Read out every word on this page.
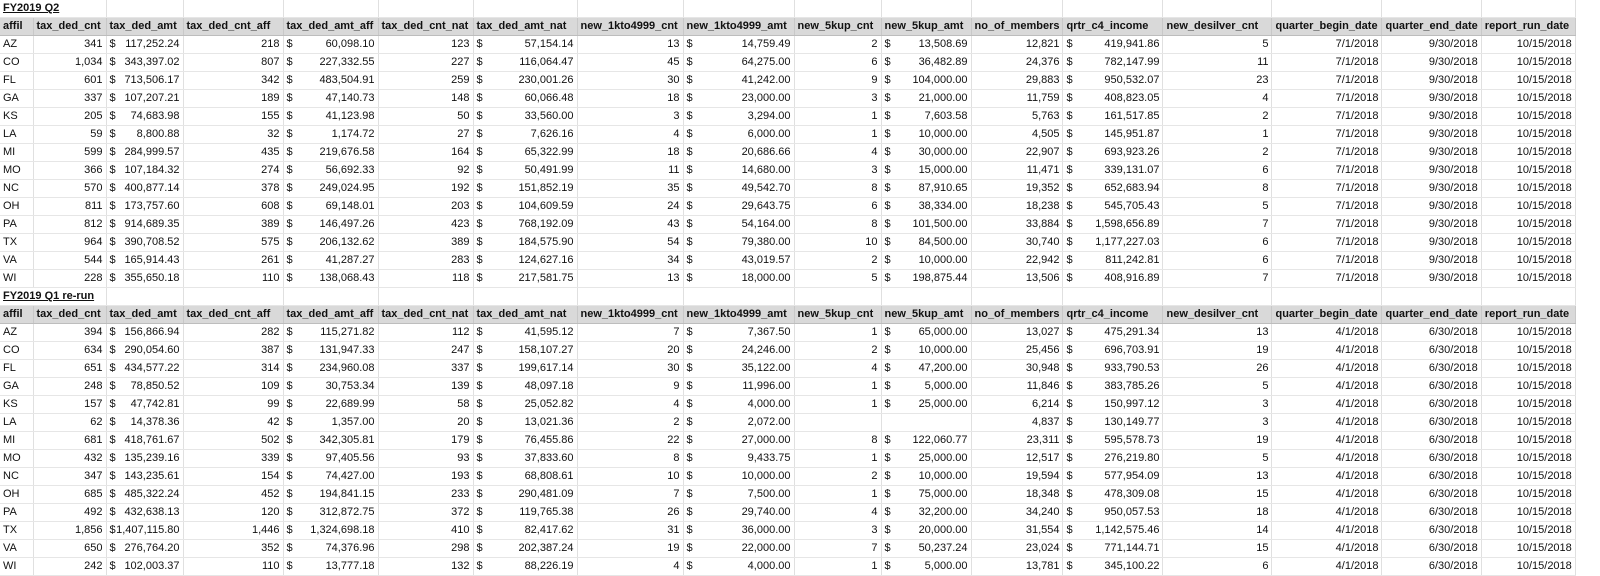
FY2019 Q2																
affil	tax_ded_cnt	tax_ded_amt	tax_ded_cnt_aff	tax_ded_amt_aff	tax_ded_cnt_nat	tax_ded_amt_nat	new_1kto4999_cnt	new_1kto4999_amt	new_5kup_cnt	new_5kup_amt	no_of_members	qrtr_c4_income	new_desilver_cnt	quarter_begin_date	quarter_end_date	report_run_date
AZ	341	$ 117,252.24	218	$ 60,098.10	123	$ 57,154.14	13	$ 14,759.49	2	$ 13,508.69	12,821	$ 419,941.86	5	7/1/2018	9/30/2018	10/15/2018
CO	1,034	$ 343,397.02	807	$ 227,332.55	227	$ 116,064.47	45	$ 64,275.00	6	$ 36,482.89	24,376	$ 782,147.99	11	7/1/2018	9/30/2018	10/15/2018
FL	601	$ 713,506.17	342	$ 483,504.91	259	$ 230,001.26	30	$ 41,242.00	9	$ 104,000.00	29,883	$ 950,532.07	23	7/1/2018	9/30/2018	10/15/2018
GA	337	$ 107,207.21	189	$ 47,140.73	148	$ 60,066.48	18	$ 23,000.00	3	$ 21,000.00	11,759	$ 408,823.05	4	7/1/2018	9/30/2018	10/15/2018
KS	205	$ 74,683.98	155	$ 41,123.98	50	$ 33,560.00	3	$ 3,294.00	1	$ 7,603.58	5,763	$ 161,517.85	2	7/1/2018	9/30/2018	10/15/2018
LA	59	$ 8,800.88	32	$ 1,174.72	27	$ 7,626.16	4	$ 6,000.00	1	$ 10,000.00	4,505	$ 145,951.87	1	7/1/2018	9/30/2018	10/15/2018
MI	599	$ 284,999.57	435	$ 219,676.58	164	$ 65,322.99	18	$ 20,686.66	4	$ 30,000.00	22,907	$ 693,923.26	2	7/1/2018	9/30/2018	10/15/2018
MO	366	$ 107,184.32	274	$ 56,692.33	92	$ 50,491.99	11	$ 14,680.00	3	$ 15,000.00	11,471	$ 339,131.07	6	7/1/2018	9/30/2018	10/15/2018
NC	570	$ 400,877.14	378	$ 249,024.95	192	$ 151,852.19	35	$ 49,542.70	8	$ 87,910.65	19,352	$ 652,683.94	8	7/1/2018	9/30/2018	10/15/2018
OH	811	$ 173,757.60	608	$ 69,148.01	203	$ 104,609.59	24	$ 29,643.75	6	$ 38,334.00	18,238	$ 545,705.43	5	7/1/2018	9/30/2018	10/15/2018
PA	812	$ 914,689.35	389	$ 146,497.26	423	$ 768,192.09	43	$ 54,164.00	8	$ 101,500.00	33,884	$ 1,598,656.89	7	7/1/2018	9/30/2018	10/15/2018
TX	964	$ 390,708.52	575	$ 206,132.62	389	$ 184,575.90	54	$ 79,380.00	10	$ 84,500.00	30,740	$ 1,177,227.03	6	7/1/2018	9/30/2018	10/15/2018
VA	544	$ 165,914.43	261	$ 41,287.27	283	$ 124,627.16	34	$ 43,019.57	2	$ 10,000.00	22,942	$ 811,242.81	6	7/1/2018	9/30/2018	10/15/2018
WI	228	$ 355,650.18	110	$ 138,068.43	118	$ 217,581.75	13	$ 18,000.00	5	$ 198,875.44	13,506	$ 408,916.89	7	7/1/2018	9/30/2018	10/15/2018
FY2019 Q1 re-run																
affil	tax_ded_cnt	tax_ded_amt	tax_ded_cnt_aff	tax_ded_amt_aff	tax_ded_cnt_nat	tax_ded_amt_nat	new_1kto4999_cnt	new_1kto4999_amt	new_5kup_cnt	new_5kup_amt	no_of_members	qrtr_c4_income	new_desilver_cnt	quarter_begin_date	quarter_end_date	report_run_date
AZ	394	$ 156,866.94	282	$ 115,271.82	112	$ 41,595.12	7	$ 7,367.50	1	$ 65,000.00	13,027	$ 475,291.34	13	4/1/2018	6/30/2018	10/15/2018
CO	634	$ 290,054.60	387	$ 131,947.33	247	$ 158,107.27	20	$ 24,246.00	2	$ 10,000.00	25,456	$ 696,703.91	19	4/1/2018	6/30/2018	10/15/2018
FL	651	$ 434,577.22	314	$ 234,960.08	337	$ 199,617.14	30	$ 35,122.00	4	$ 47,200.00	30,948	$ 933,790.53	26	4/1/2018	6/30/2018	10/15/2018
GA	248	$ 78,850.52	109	$ 30,753.34	139	$ 48,097.18	9	$ 11,996.00	1	$ 5,000.00	11,846	$ 383,785.26	5	4/1/2018	6/30/2018	10/15/2018
KS	157	$ 47,742.81	99	$ 22,689.99	58	$ 25,052.82	4	$ 4,000.00	1	$ 25,000.00	6,214	$ 150,997.12	3	4/1/2018	6/30/2018	10/15/2018
LA	62	$ 14,378.36	42	$ 1,357.00	20	$ 13,021.36	2	$ 2,072.00			4,837	$ 130,149.77	3	4/1/2018	6/30/2018	10/15/2018
MI	681	$ 418,761.67	502	$ 342,305.81	179	$ 76,455.86	22	$ 27,000.00	8	$ 122,060.77	23,311	$ 595,578.73	19	4/1/2018	6/30/2018	10/15/2018
MO	432	$ 135,239.16	339	$ 97,405.56	93	$ 37,833.60	8	$ 9,433.75	1	$ 25,000.00	12,517	$ 276,219.80	5	4/1/2018	6/30/2018	10/15/2018
NC	347	$ 143,235.61	154	$ 74,427.00	193	$ 68,808.61	10	$ 10,000.00	2	$ 10,000.00	19,594	$ 577,954.09	13	4/1/2018	6/30/2018	10/15/2018
OH	685	$ 485,322.24	452	$ 194,841.15	233	$ 290,481.09	7	$ 7,500.00	1	$ 75,000.00	18,348	$ 478,309.08	15	4/1/2018	6/30/2018	10/15/2018
PA	492	$ 432,638.13	120	$ 312,872.75	372	$ 119,765.38	26	$ 29,740.00	4	$ 32,200.00	34,240	$ 950,057.53	18	4/1/2018	6/30/2018	10/15/2018
TX	1,856	$ 1,407,115.80	1,446	$ 1,324,698.18	410	$ 82,417.62	31	$ 36,000.00	3	$ 20,000.00	31,554	$ 1,142,575.46	14	4/1/2018	6/30/2018	10/15/2018
VA	650	$ 276,764.20	352	$ 74,376.96	298	$ 202,387.24	19	$ 22,000.00	7	$ 50,237.24	23,024	$ 771,144.71	15	4/1/2018	6/30/2018	10/15/2018
WI	242	$ 102,003.37	110	$ 13,777.18	132	$ 88,226.19	4	$ 4,000.00	1	$ 5,000.00	13,781	$ 345,100.22	6	4/1/2018	6/30/2018	10/15/2018
